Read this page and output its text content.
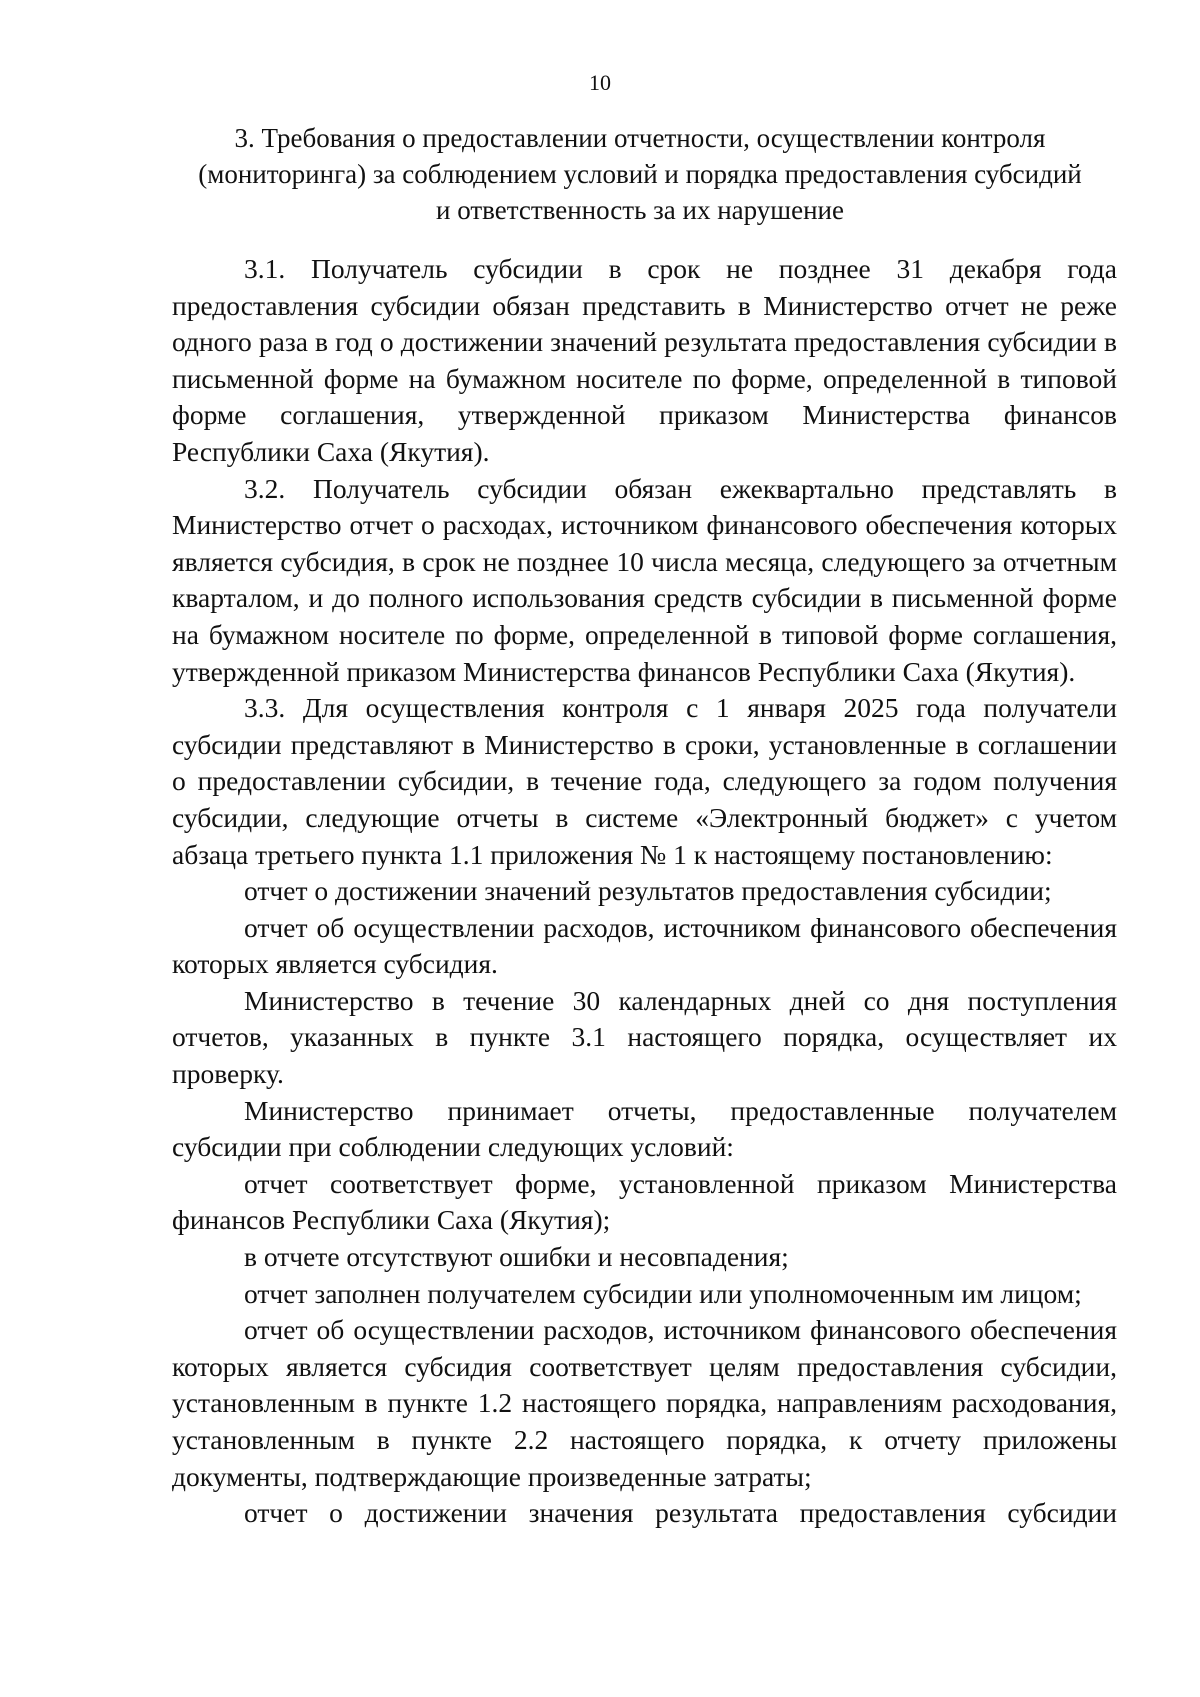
10
3. Требования о предоставлении отчетности, осуществлении контроля
(мониторинга) за соблюдением условий и порядка предоставления субсидий
и ответственность за их нарушение

3.1. Получатель субсидии в срок не позднее 31 декабря года предоставления субсидии обязан представить в Министерство отчет не реже одного раза в год о достижении значений результата предоставления субсидии в письменной форме на бумажном носителе по форме, определенной в типовой форме соглашения, утвержденной приказом Министерства финансов Республики Саха (Якутия).

3.2. Получатель субсидии обязан ежеквартально представлять в Министерство отчет о расходах, источником финансового обеспечения которых является субсидия, в срок не позднее 10 числа месяца, следующего за отчетным кварталом, и до полного использования средств субсидии в письменной форме на бумажном носителе по форме, определенной в типовой форме соглашения, утвержденной приказом Министерства финансов Республики Саха (Якутия).

3.3. Для осуществления контроля с 1 января 2025 года получатели субсидии представляют в Министерство в сроки, установленные в соглашении о предоставлении субсидии, в течение года, следующего за годом получения субсидии, следующие отчеты в системе «Электронный бюджет» с учетом абзаца третьего пункта 1.1 приложения № 1 к настоящему постановлению:

отчет о достижении значений результатов предоставления субсидии;

отчет об осуществлении расходов, источником финансового обеспечения которых является субсидия.

Министерство в течение 30 календарных дней со дня поступления отчетов, указанных в пункте 3.1 настоящего порядка, осуществляет их проверку.

Министерство принимает отчеты, предоставленные получателем субсидии при соблюдении следующих условий:

отчет соответствует форме, установленной приказом Министерства финансов Республики Саха (Якутия);

в отчете отсутствуют ошибки и несовпадения;

отчет заполнен получателем субсидии или уполномоченным им лицом;

отчет об осуществлении расходов, источником финансового обеспечения которых является субсидия соответствует целям предоставления субсидии, установленным в пункте 1.2 настоящего порядка, направлениям расходования, установленным в пункте 2.2 настоящего порядка, к отчету приложены документы, подтверждающие произведенные затраты;

отчет о достижении значения результата предоставления субсидии
